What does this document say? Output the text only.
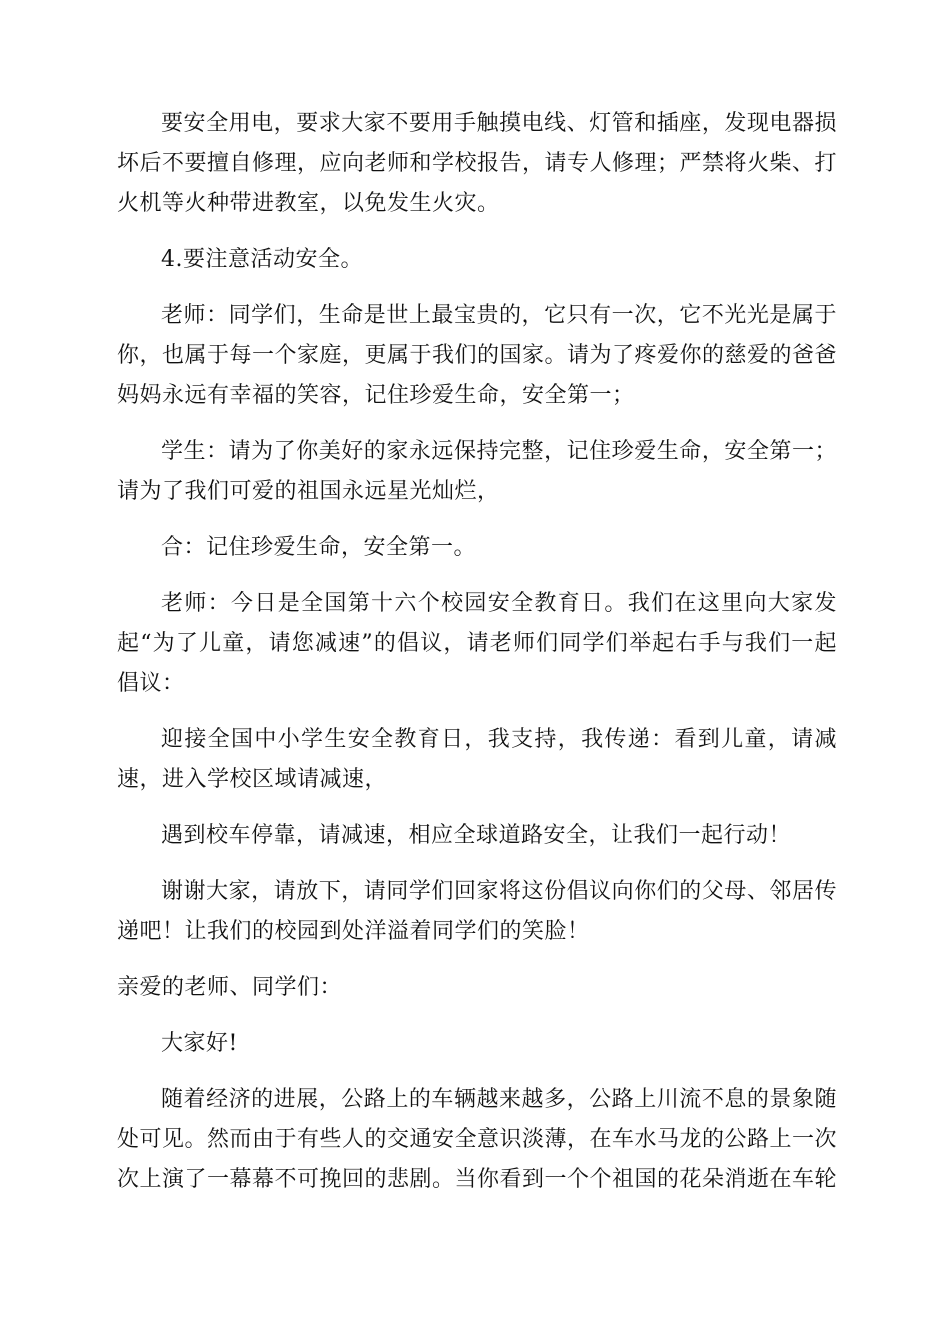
要安全用电，要求大家不要用手触摸电线、灯管和插座，发现电器损坏后不要擅自修理，应向老师和学校报告，请专人修理；严禁将火柴、打火机等火种带进教室，以免发生火灾。

4.要注意活动安全。

老师：同学们，生命是世上最宝贵的，它只有一次，它不光光是属于你，也属于每一个家庭，更属于我们的国家。请为了疼爱你的慈爱的爸爸妈妈永远有幸福的笑容，记住珍爱生命，安全第一；

学生：请为了你美好的家永远保持完整，记住珍爱生命，安全第一；请为了我们可爱的祖国永远星光灿烂，

合：记住珍爱生命，安全第一。

老师：今日是全国第十六个校园安全教育日。我们在这里向大家发起“为了儿童，请您减速”的倡议，请老师们同学们举起右手与我们一起倡议：

迎接全国中小学生安全教育日，我支持，我传递：看到儿童，请减速，进入学校区域请减速，

遇到校车停靠，请减速，相应全球道路安全，让我们一起行动！

谢谢大家，请放下，请同学们回家将这份倡议向你们的父母、邻居传递吧！让我们的校园到处洋溢着同学们的笑脸！

亲爱的老师、同学们：

大家好!

随着经济的进展，公路上的车辆越来越多，公路上川流不息的景象随处可见。然而由于有些人的交通安全意识淡薄，在车水马龙的公路上一次次上演了一幕幕不可挽回的悲剧。当你看到一个个祖国的花朵消逝在车轮
